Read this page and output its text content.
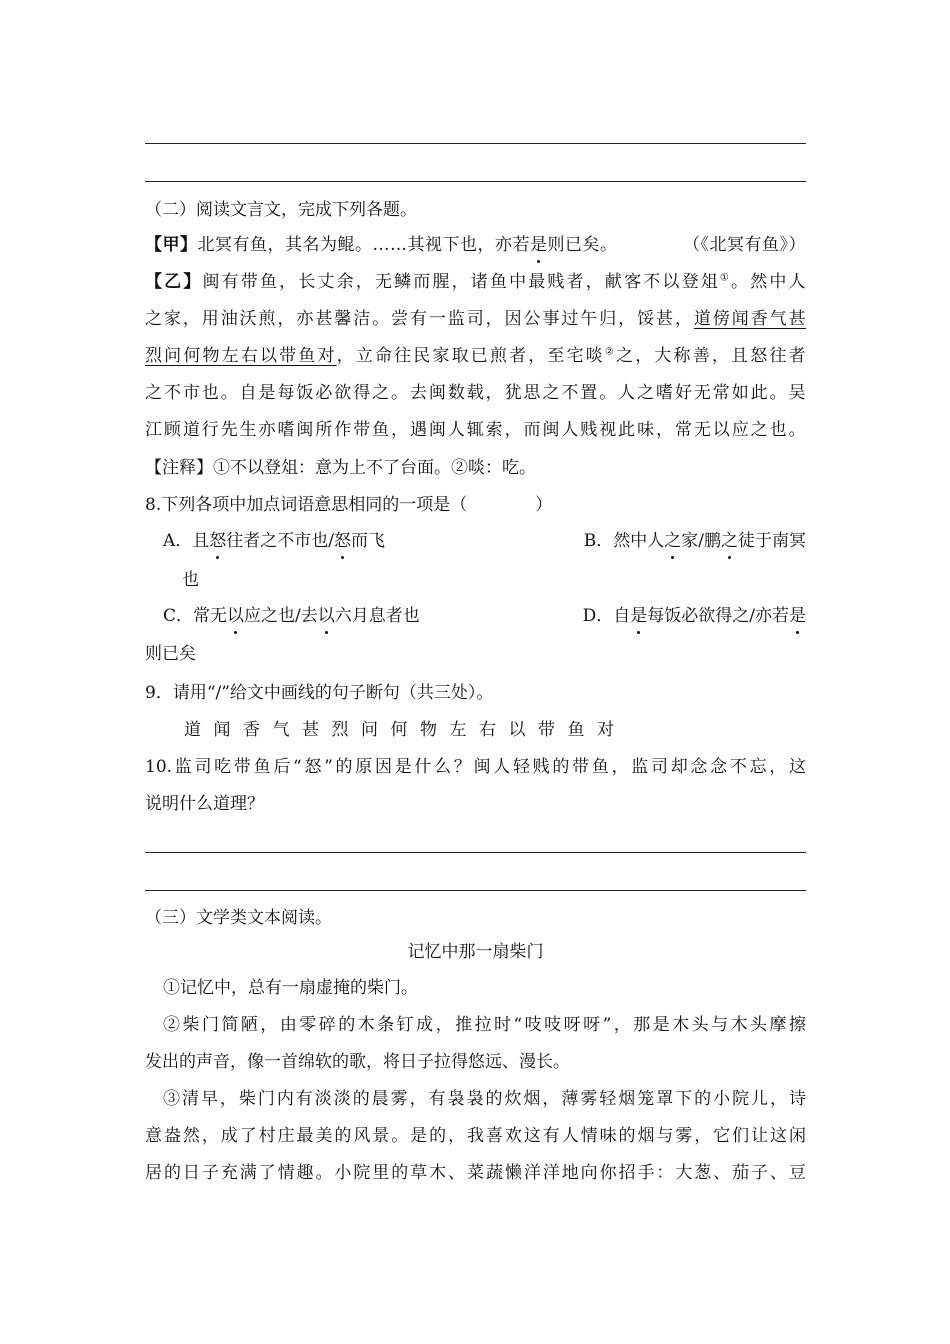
（二）阅读文言文，完成下列各题。
【甲】北冥有鱼，其名为鲲。……其视下也，亦若是则已矣。	（《北冥有鱼》）
【乙】闽有带鱼，长丈余，无鳞而腥，诸鱼中最贱者，献客不以登俎①。然中人
之家，用油沃煎，亦甚馨洁。尝有一监司，因公事过午归，馁甚，道傍闻香气甚
烈问何物左右以带鱼对，立命往民家取已煎者，至宅啖②之，大称善，且怒往者
之不市也。自是每饭必欲得之。去闽数载，犹思之不置。人之嗜好无常如此。吴
江顾道行先生亦嗜闽所作带鱼，遇闽人辄索，而闽人贱视此味，常无以应之也。
【注释】①不以登俎：意为上不了台面。②啖：吃。
8.下列各项中加点词语意思相同的一项是（　　　　）
A．且怒往者之不市也/怒而飞	B．然中人之家/鹏之徒于南冥
也
C．常无以应之也/去以六月息者也	D．自是每饭必欲得之/亦若是
则已矣
9．请用“/”给文中画线的句子断句（共三处）。
道闻香气甚烈问何物左右以带鱼对
10.监司吃带鱼后“怒”的原因是什么？闽人轻贱的带鱼，监司却念念不忘，这
说明什么道理？
（三）文学类文本阅读。
记忆中那一扇柴门
①记忆中，总有一扇虚掩的柴门。
②柴门简陋，由零碎的木条钉成，推拉时“吱吱呀呀”，那是木头与木头摩擦
发出的声音，像一首绵软的歌，将日子拉得悠远、漫长。
③清早，柴门内有淡淡的晨雾，有袅袅的炊烟，薄雾轻烟笼罩下的小院儿，诗
意盎然，成了村庄最美的风景。是的，我喜欢这有人情味的烟与雾，它们让这闲
居的日子充满了情趣。小院里的草木、菜蔬懒洋洋地向你招手：大葱、茄子、豆
